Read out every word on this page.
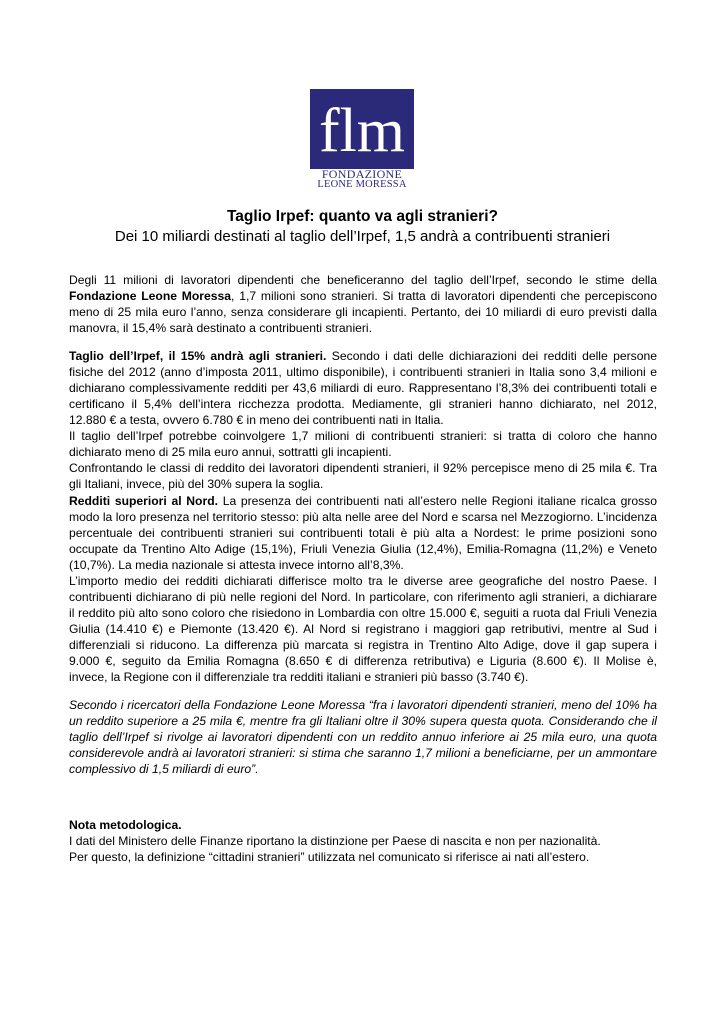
flm
FONDAZIONE
LEONE MORESSA
Taglio Irpef: quanto va agli stranieri?
Dei 10 miliardi destinati al taglio dell’Irpef, 1,5 andrà a contribuenti stranieri
Degli 11 milioni di lavoratori dipendenti che beneficeranno del taglio dell’Irpef, secondo le stime della
Fondazione Leone Moressa, 1,7 milioni sono stranieri. Si tratta di lavoratori dipendenti che percepiscono
meno di 25 mila euro l’anno, senza considerare gli incapienti. Pertanto, dei 10 miliardi di euro previsti dalla
manovra, il 15,4% sarà destinato a contribuenti stranieri.
Taglio dell’Irpef, il 15% andrà agli stranieri. Secondo i dati delle dichiarazioni dei redditi delle persone
fisiche del 2012 (anno d’imposta 2011, ultimo disponibile), i contribuenti stranieri in Italia sono 3,4 milioni e
dichiarano complessivamente redditi per 43,6 miliardi di euro. Rappresentano l’8,3% dei contribuenti totali e
certificano il 5,4% dell’intera ricchezza prodotta. Mediamente, gli stranieri hanno dichiarato, nel 2012,
12.880 € a testa, ovvero 6.780 € in meno dei contribuenti nati in Italia.
Il taglio dell’Irpef potrebbe coinvolgere 1,7 milioni di contribuenti stranieri: si tratta di coloro che hanno
dichiarato meno di 25 mila euro annui, sottratti gli incapienti.
Confrontando le classi di reddito dei lavoratori dipendenti stranieri, il 92% percepisce meno di 25 mila €. Tra
gli Italiani, invece, più del 30% supera la soglia.
Redditi superiori al Nord. La presenza dei contribuenti nati all’estero nelle Regioni italiane ricalca grosso
modo la loro presenza nel territorio stesso: più alta nelle aree del Nord e scarsa nel Mezzogiorno. L’incidenza
percentuale dei contribuenti stranieri sui contribuenti totali è più alta a Nordest: le prime posizioni sono
occupate da Trentino Alto Adige (15,1%), Friuli Venezia Giulia (12,4%), Emilia-Romagna (11,2%) e Veneto
(10,7%). La media nazionale si attesta invece intorno all’8,3%.
L’importo medio dei redditi dichiarati differisce molto tra le diverse aree geografiche del nostro Paese. I
contribuenti dichiarano di più nelle regioni del Nord. In particolare, con riferimento agli stranieri, a dichiarare
il reddito più alto sono coloro che risiedono in Lombardia con oltre 15.000 €, seguiti a ruota dal Friuli Venezia
Giulia (14.410 €) e Piemonte (13.420 €). Al Nord si registrano i maggiori gap retributivi, mentre al Sud i
differenziali si riducono. La differenza più marcata si registra in Trentino Alto Adige, dove il gap supera i
9.000 €, seguito da Emilia Romagna (8.650 € di differenza retributiva) e Liguria (8.600 €). Il Molise è,
invece, la Regione con il differenziale tra redditi italiani e stranieri più basso (3.740 €).
Secondo i ricercatori della Fondazione Leone Moressa “fra i lavoratori dipendenti stranieri, meno del 10% ha
un reddito superiore a 25 mila €, mentre fra gli Italiani oltre il 30% supera questa quota. Considerando che il
taglio dell’Irpef si rivolge ai lavoratori dipendenti con un reddito annuo inferiore ai 25 mila euro, una quota
considerevole andrà ai lavoratori stranieri: si stima che saranno 1,7 milioni a beneficiarne, per un ammontare
complessivo di 1,5 miliardi di euro”.
Nota metodologica.
I dati del Ministero delle Finanze riportano la distinzione per Paese di nascita e non per nazionalità.
Per questo, la definizione “cittadini stranieri” utilizzata nel comunicato si riferisce ai nati all’estero.
